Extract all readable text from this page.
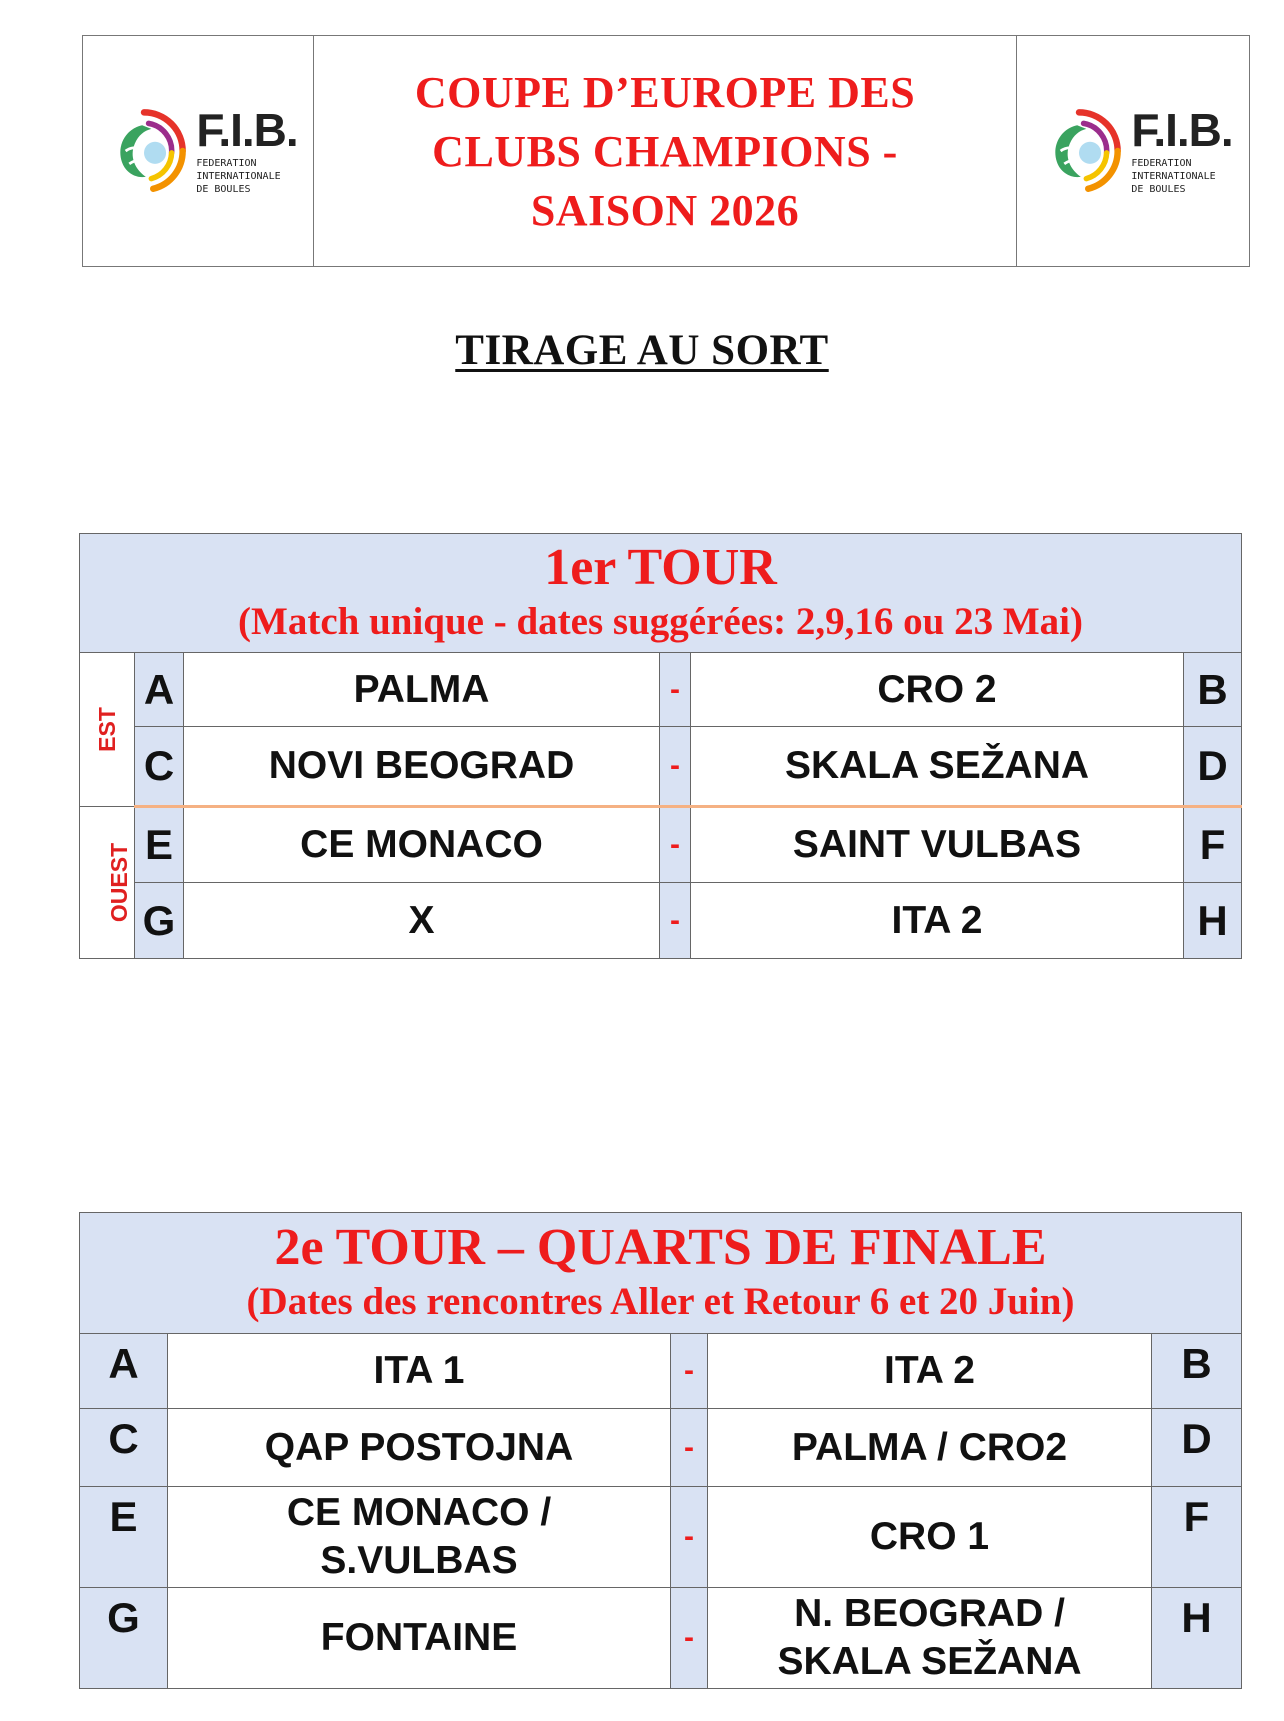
F.I.B.
FEDERATION
INTERNATIONALE
DE BOULES
COUPE D’EUROPE DES
CLUBS CHAMPIONS -
SAISON 2026
F.I.B.
FEDERATION
INTERNATIONALE
DE BOULES
TIRAGE AU SORT
1er TOUR
(Match unique - dates suggérées: 2,9,16 ou 23 Mai)					

EST	A	PALMA	-	CRO 2	B
	C	NOVI BEOGRAD	-	SKALA SEŽANA	D
OUEST	E	CE MONACO	-	SAINT VULBAS	F
	G	X	-	ITA 2	H
2e TOUR – QUARTS DE FINALE
(Dates des rencontres Aller et Retour 6 et 20 Juin)				

A	ITA 1	-	ITA 2	B
C	QAP POSTOJNA	-	PALMA / CRO2	D
E	CE MONACO /
S.VULBAS	-	CRO 1	F
G	FONTAINE	-	N. BEOGRAD /
SKALA SEŽANA	H
